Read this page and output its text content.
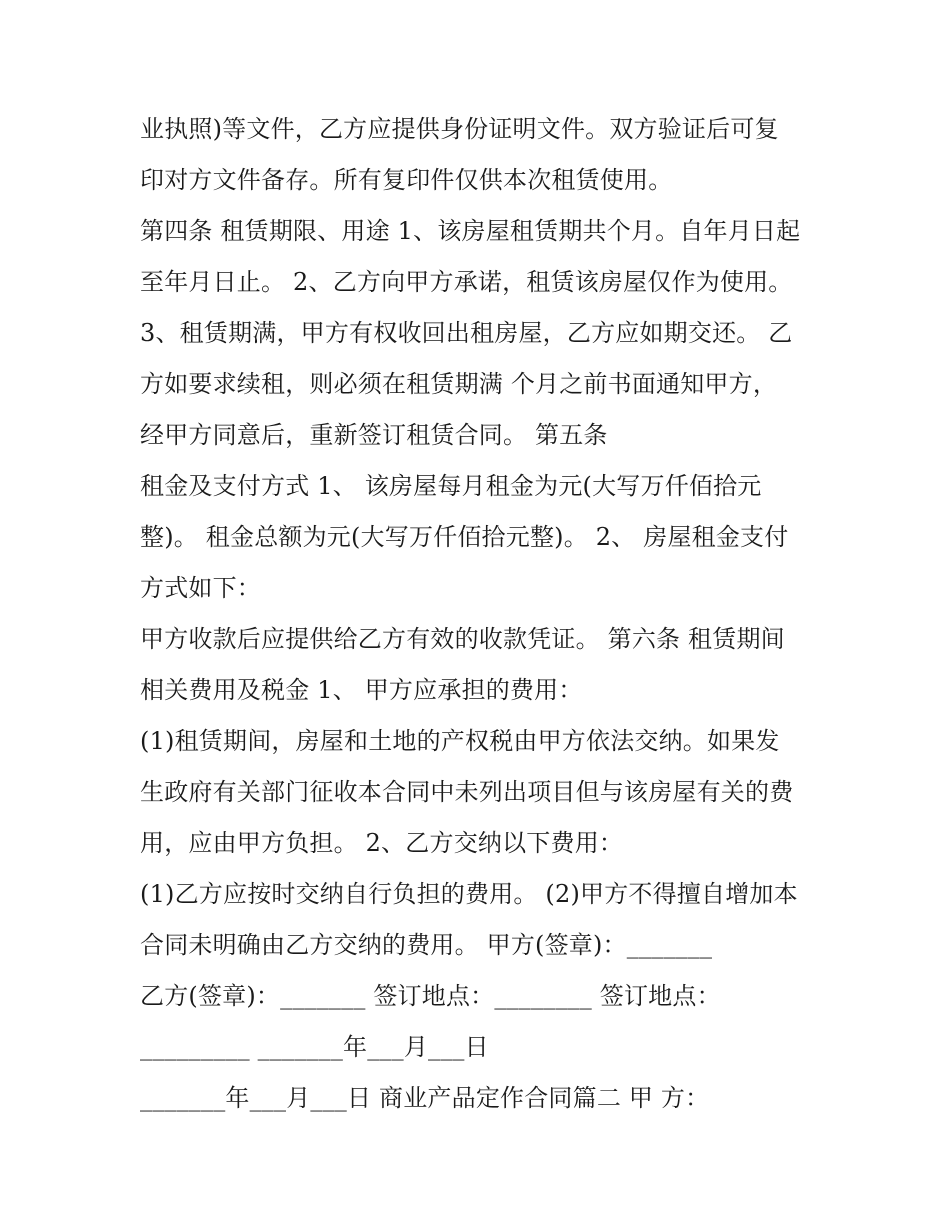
业执照)等文件，乙方应提供身份证明文件。双方验证后可复
印对方文件备存。所有复印件仅供本次租赁使用。
第四条 租赁期限、用途 1、该房屋租赁期共个月。自年月日起
至年月日止。 2、乙方向甲方承诺，租赁该房屋仅作为使用。
3、租赁期满，甲方有权收回出租房屋，乙方应如期交还。 乙
方如要求续租，则必须在租赁期满 个月之前书面通知甲方，
经甲方同意后，重新签订租赁合同。 第五条
租金及支付方式 1、 该房屋每月租金为元(大写万仟佰拾元
整)。 租金总额为元(大写万仟佰拾元整)。 2、 房屋租金支付
方式如下：
甲方收款后应提供给乙方有效的收款凭证。 第六条 租赁期间
相关费用及税金 1、 甲方应承担的费用：
(1)租赁期间，房屋和土地的产权税由甲方依法交纳。如果发
生政府有关部门征收本合同中未列出项目但与该房屋有关的费
用，应由甲方负担。 2、乙方交纳以下费用：
(1)乙方应按时交纳自行负担的费用。 (2)甲方不得擅自增加本
合同未明确由乙方交纳的费用。 甲方(签章)：_______
乙方(签章)：_______ 签订地点：________ 签订地点：
_________ _______年___月___日
_______年___月___日 商业产品定作合同篇二 甲 方：
